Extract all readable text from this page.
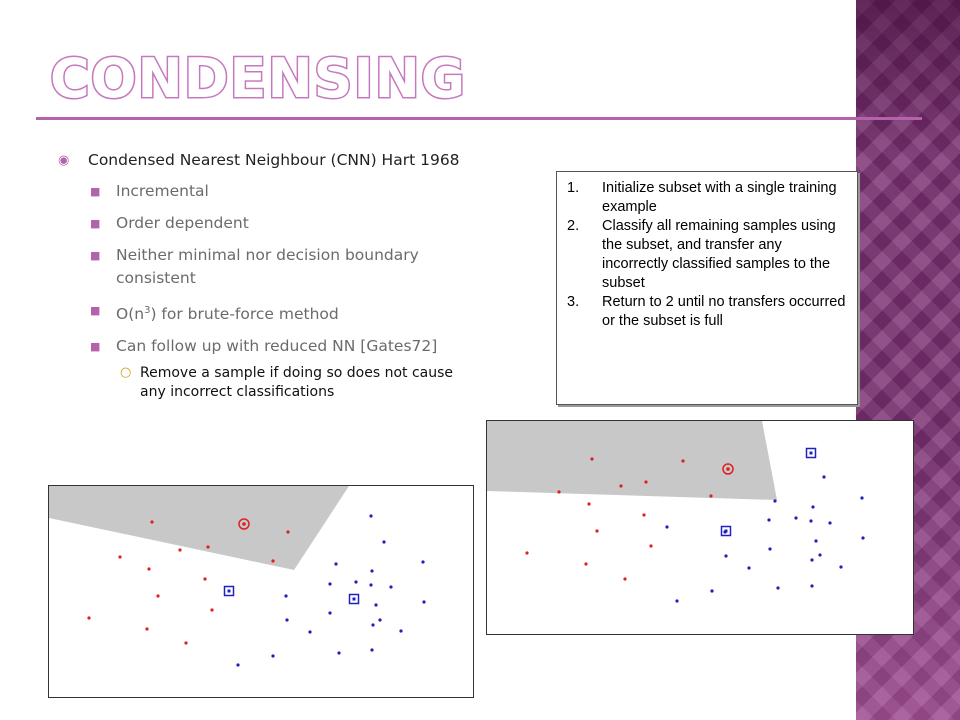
CONDENSING
◉ Condensed Nearest Neighbour (CNN) Hart 1968
■ Incremental
■ Order dependent
■ Neither minimal nor decision boundary consistent
■ $O(n^3)$ for brute-force method
■ Can follow up with reduced NN [Gates72]
○ Remove a sample if doing so does not cause any incorrect classifications
1. Initialize subset with a single training example
2. Classify all remaining samples using the subset, and transfer any incorrectly classified samples to the subset
3. Return to 2 until no transfers occurred or the subset is full
